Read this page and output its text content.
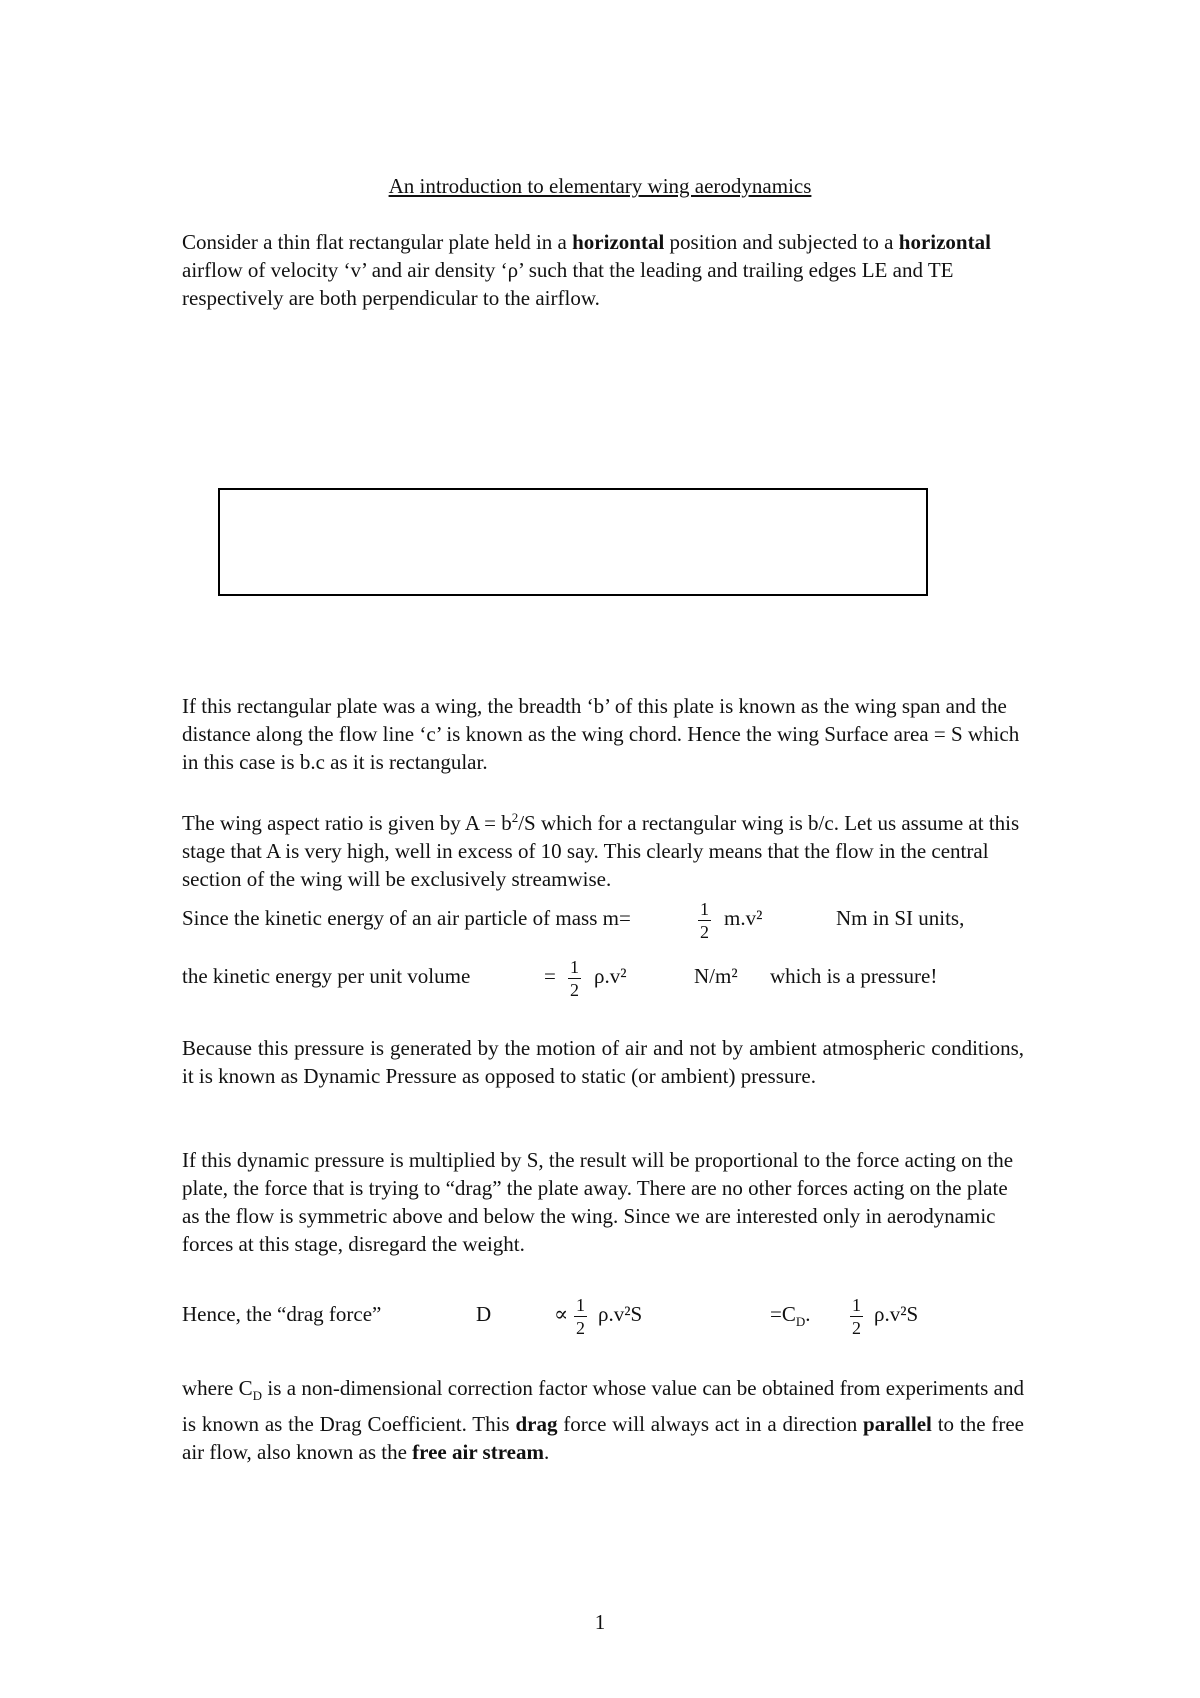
An introduction to elementary wing aerodynamics

Consider a thin flat rectangular plate held in a horizontal position and subjected to a horizontal airflow of velocity ‘v’ and air density ‘ρ’ such that the leading and trailing edges LE and TE respectively are both perpendicular to the airflow.

If this rectangular plate was a wing, the breadth ‘b’ of this plate is known as the wing span and the distance along the flow line ‘c’ is known as the wing chord. Hence the wing Surface area = S which in this case is b.c as it is rectangular.

The wing aspect ratio is given by $A = b^2/S$ which for a rectangular wing is b/c. Let us assume at this stage that A is very high, well in excess of 10 say. This clearly means that the flow in the central section of the wing will be exclusively streamwise.

Since the kinetic energy of an air particle of mass m=	$\frac{1}{2} m.v^2$	Nm in SI units,
the kinetic energy per unit volume	= $\frac{1}{2} \rho.v^2$	N/m² which is a pressure!

Because this pressure is generated by the motion of air and not by ambient atmospheric conditions, it is known as Dynamic Pressure as opposed to static (or ambient) pressure.

If this dynamic pressure is multiplied by S, the result will be proportional to the force acting on the plate, the force that is trying to “drag” the plate away. There are no other forces acting on the plate as the flow is symmetric above and below the wing. Since we are interested only in aerodynamic forces at this stage, disregard the weight.

Hence, the “drag force”	D	∝ $\frac{1}{2} \rho.v^2S$	$=C_D$. $\frac{1}{2} \rho.v^2S$

where $C_D$ is a non-dimensional correction factor whose value can be obtained from experiments and is known as the Drag Coefficient. This drag force will always act in a direction parallel to the free air flow, also known as the free air stream.

1
